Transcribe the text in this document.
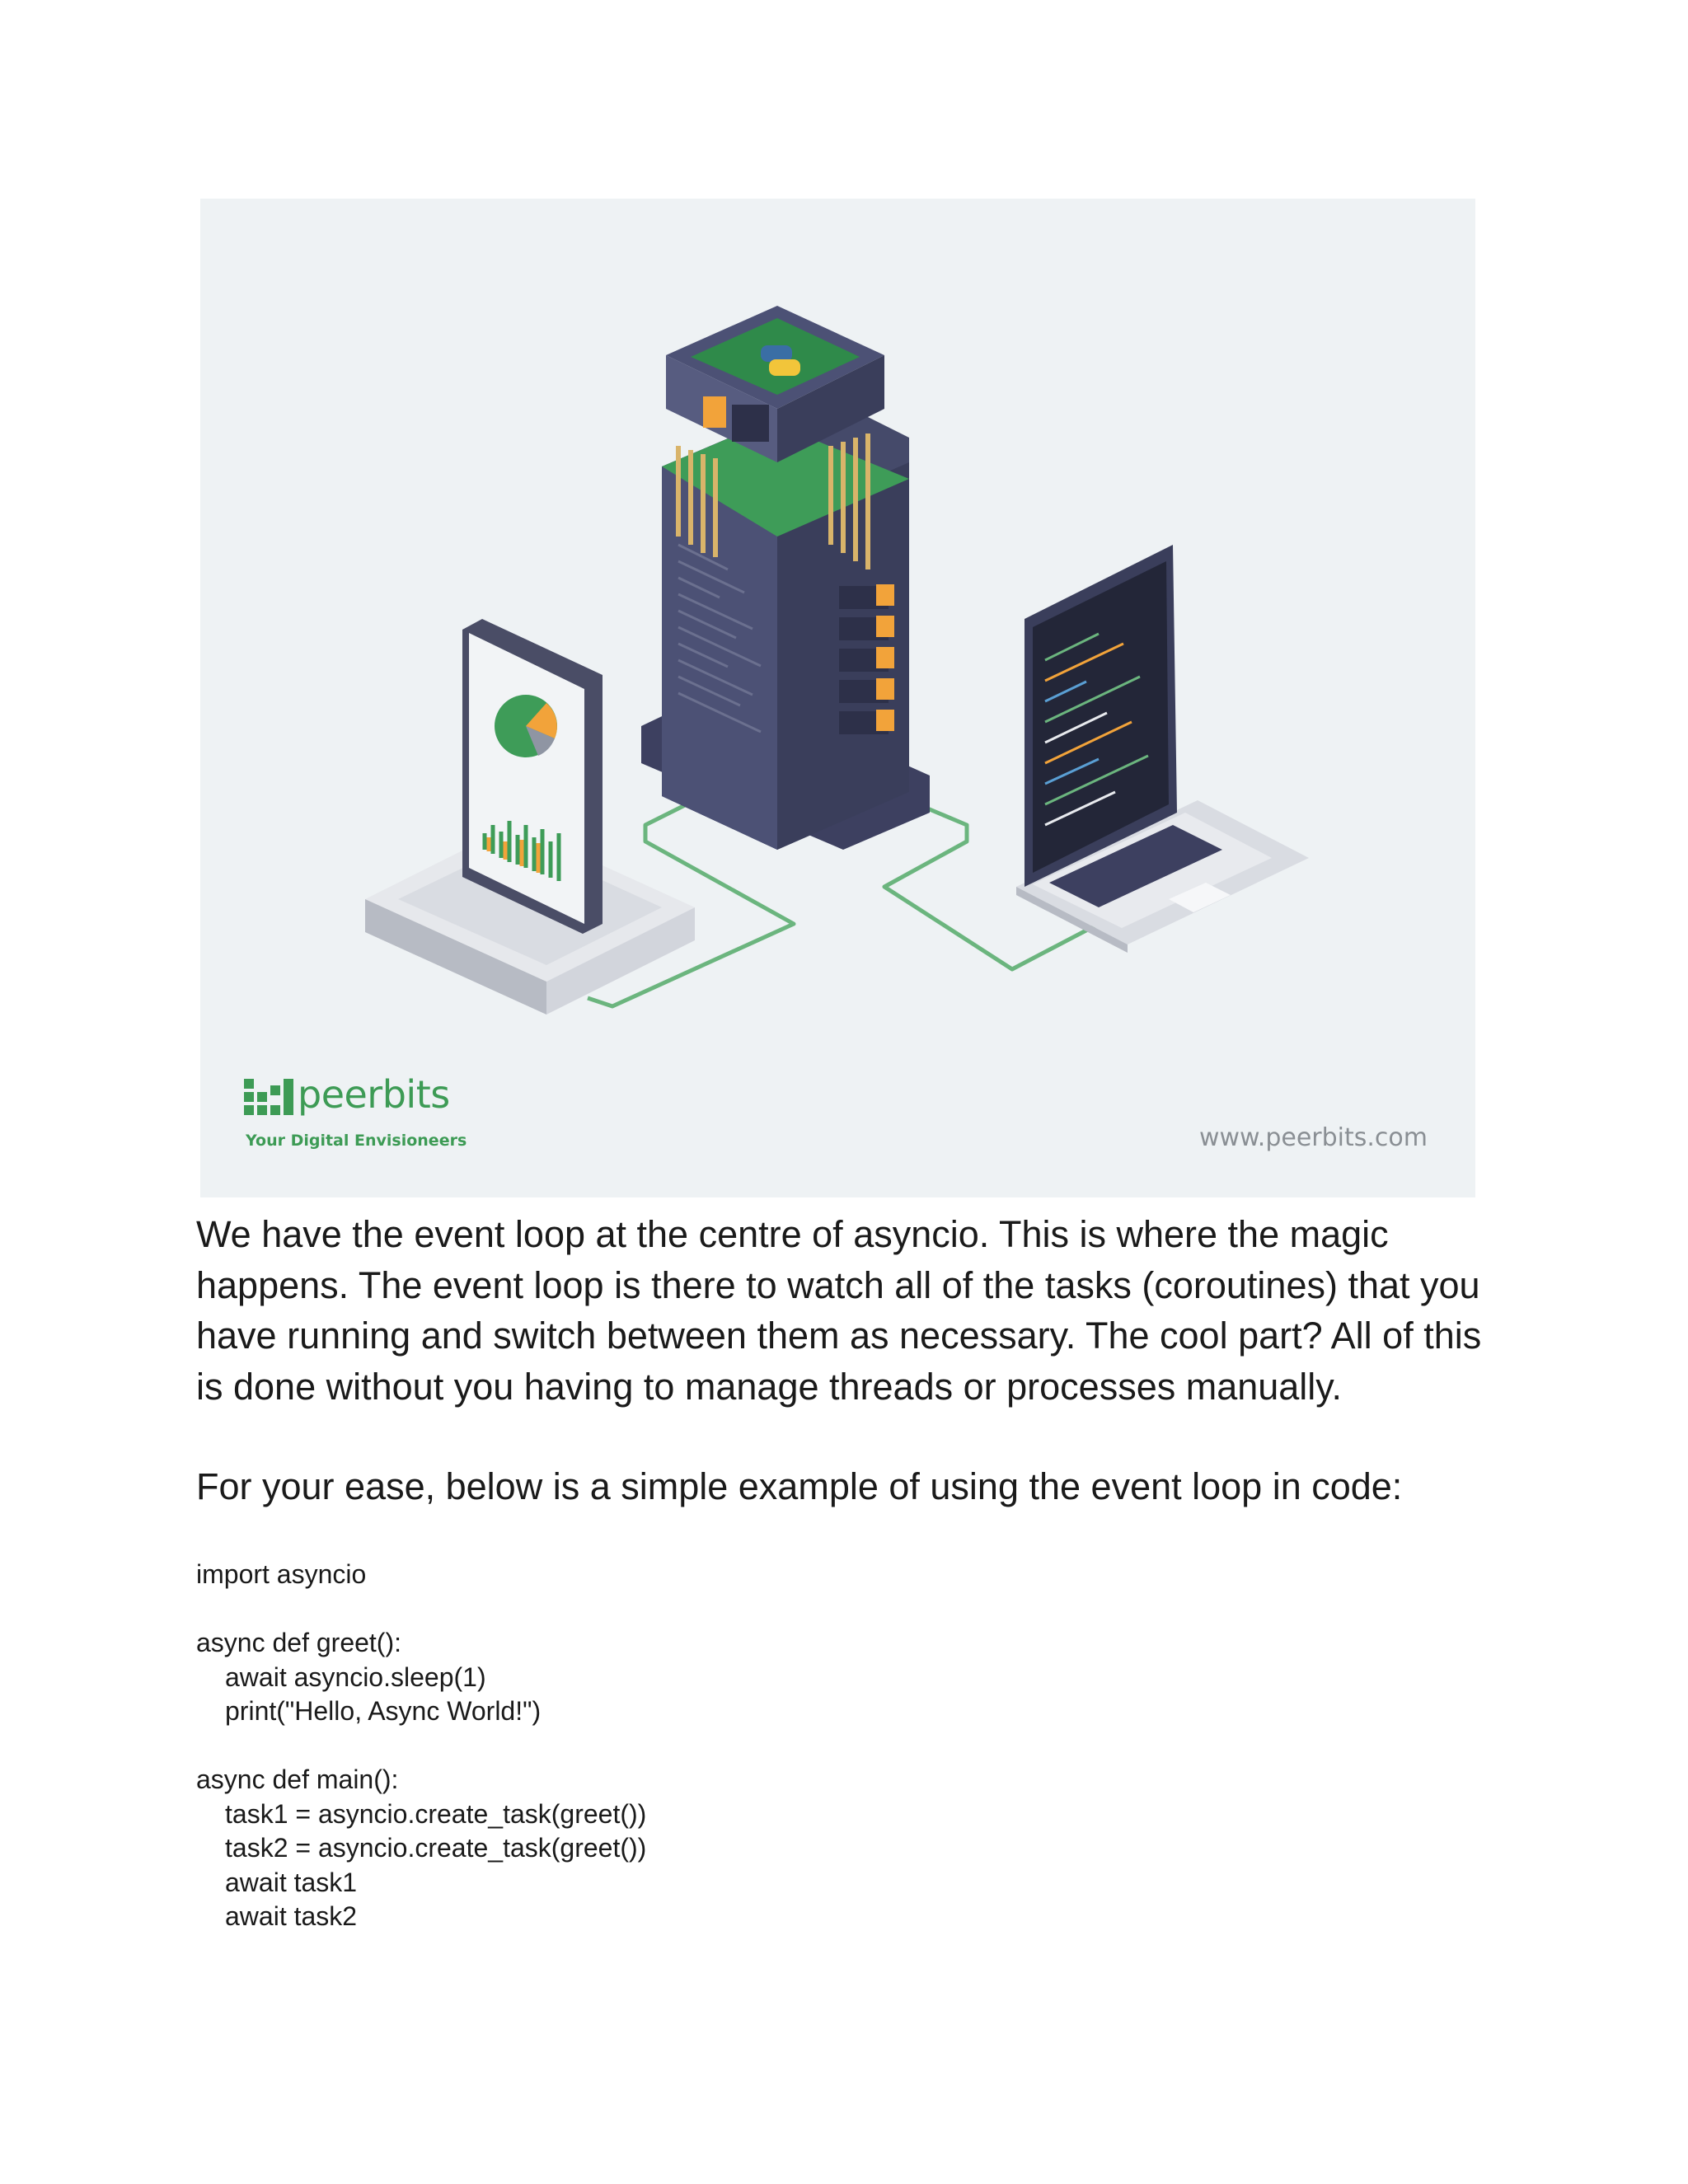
peerbits
Your Digital Envisioneers	www.peerbits.com

We have the event loop at the centre of asyncio. This is where the magic happens. The event loop is there to watch all of the tasks (coroutines) that you have running and switch between them as necessary. The cool part? All of this is done without you having to manage threads or processes manually.

For your ease, below is a simple example of using the event loop in code:

import asyncio
async def greet():
await asyncio.sleep(1)
print("Hello, Async World!")
async def main():
task1 = asyncio.create_task(greet())
task2 = asyncio.create_task(greet())
await task1
await task2
